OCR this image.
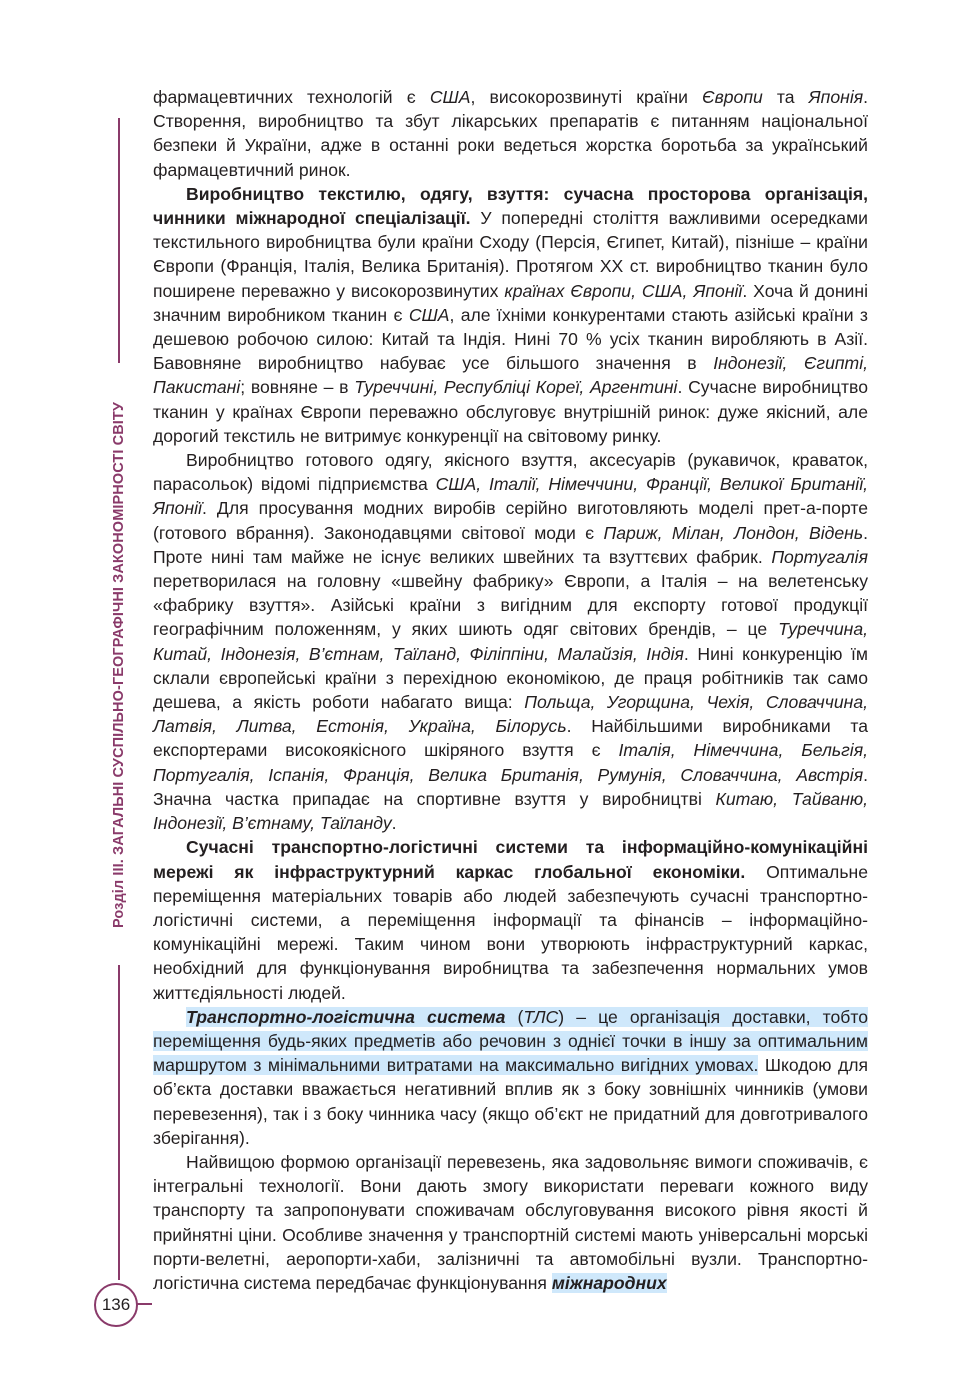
Розділ III. ЗАГАЛЬНІ СУСПІЛЬНО-ГЕОГРАФІЧНІ ЗАКОНОМІРНОСТІ СВІТУ
136

фармацевтичних технологій є США, високорозвинуті країни Європи та Японія. Створення, виробництво та збут лікарських препаратів є питанням національної безпеки й України, адже в останні роки ведеться жорстка боротьба за український фармацевтичний ринок.

Виробництво текстилю, одягу, взуття: сучасна просторова організація, чинники міжнародної спеціалізації. У попередні століття важливими осередками текстильного виробництва були країни Сходу (Персія, Єгипет, Китай), пізніше – країни Європи (Франція, Італія, Велика Британія). Протягом ХХ ст. виробництво тканин було поширене переважно у високорозвинутих країнах Європи, США, Японії. Хоча й донині значним виробником тканин є США, але їхніми конкурентами стають азійські країни з дешевою робочою силою: Китай та Індія. Нині 70 % усіх тканин виробляють в Азії. Бавовняне виробництво набуває усе більшого значення в Індонезії, Єгипті, Пакистані; вовняне – в Туреччині, Республіці Кореї, Аргентині. Сучасне виробництво тканин у країнах Європи переважно обслуговує внутрішній ринок: дуже якісний, але дорогий текстиль не витримує конкуренції на світовому ринку.

Виробництво готового одягу, якісного взуття, аксесуарів (рукавичок, краваток, парасольок) відомі підприємства США, Італії, Німеччини, Франції, Великої Британії, Японії. Для просування модних виробів серійно виготовляють моделі прет-а-порте (готового вбрання). Законодавцями світової моди є Париж, Мілан, Лондон, Відень. Проте нині там майже не існує великих швейних та взуттєвих фабрик. Португалія перетворилася на головну «швейну фабрику» Європи, а Італія – на велетенську «фабрику взуття». Азійські країни з вигідним для експорту готової продукції географічним положенням, у яких шиють одяг світових брендів, – це Туреччина, Китай, Індонезія, В’єтнам, Таїланд, Філіппіни, Малайзія, Індія. Нині конкуренцію їм склали європейські країни з перехідною економікою, де праця робітників так само дешева, а якість роботи набагато вища: Польща, Угорщина, Чехія, Словаччина, Латвія, Литва, Естонія, Україна, Білорусь. Найбільшими виробниками та експортерами високоякісного шкіряного взуття є Італія, Німеччина, Бельгія, Португалія, Іспанія, Франція, Велика Британія, Румунія, Словаччина, Австрія. Значна частка припадає на спортивне взуття у виробництві Китаю, Тайваню, Індонезії, В’єтнаму, Таїланду.

Сучасні транспортно-логістичні системи та інформаційно-комунікаційні мережі як інфраструктурний каркас глобальної економіки. Оптимальне переміщення матеріальних товарів або людей забезпечують сучасні транспортно-логістичні системи, а переміщення інформації та фінансів – інформаційно-комунікаційні мережі. Таким чином вони утворюють інфраструктурний каркас, необхідний для функціонування виробництва та забезпечення нормальних умов життєдіяльності людей.

Транспортно-логістична система (ТЛС) – це організація доставки, тобто переміщення будь-яких предметів або речовин з однієї точки в іншу за оптимальним маршрутом з мінімальними витратами на максимально вигідних умовах. Шкодою для об’єкта доставки вважається негативний вплив як з боку зовнішніх чинників (умови перевезення), так і з боку чинника часу (якщо об’єкт не придатний для довготривалого зберігання).

Найвищою формою організації перевезень, яка задовольняє вимоги споживачів, є інтегральні технології. Вони дають змогу використати переваги кожного виду транспорту та запропонувати споживачам обслуговування високого рівня якості й прийнятні ціни. Особливе значення у транспортній системі мають універсальні морські порти-велетні, аеропорти-хаби, залізничні та автомобільні вузли. Транспортно-логістична система передбачає функціонування міжнародних
